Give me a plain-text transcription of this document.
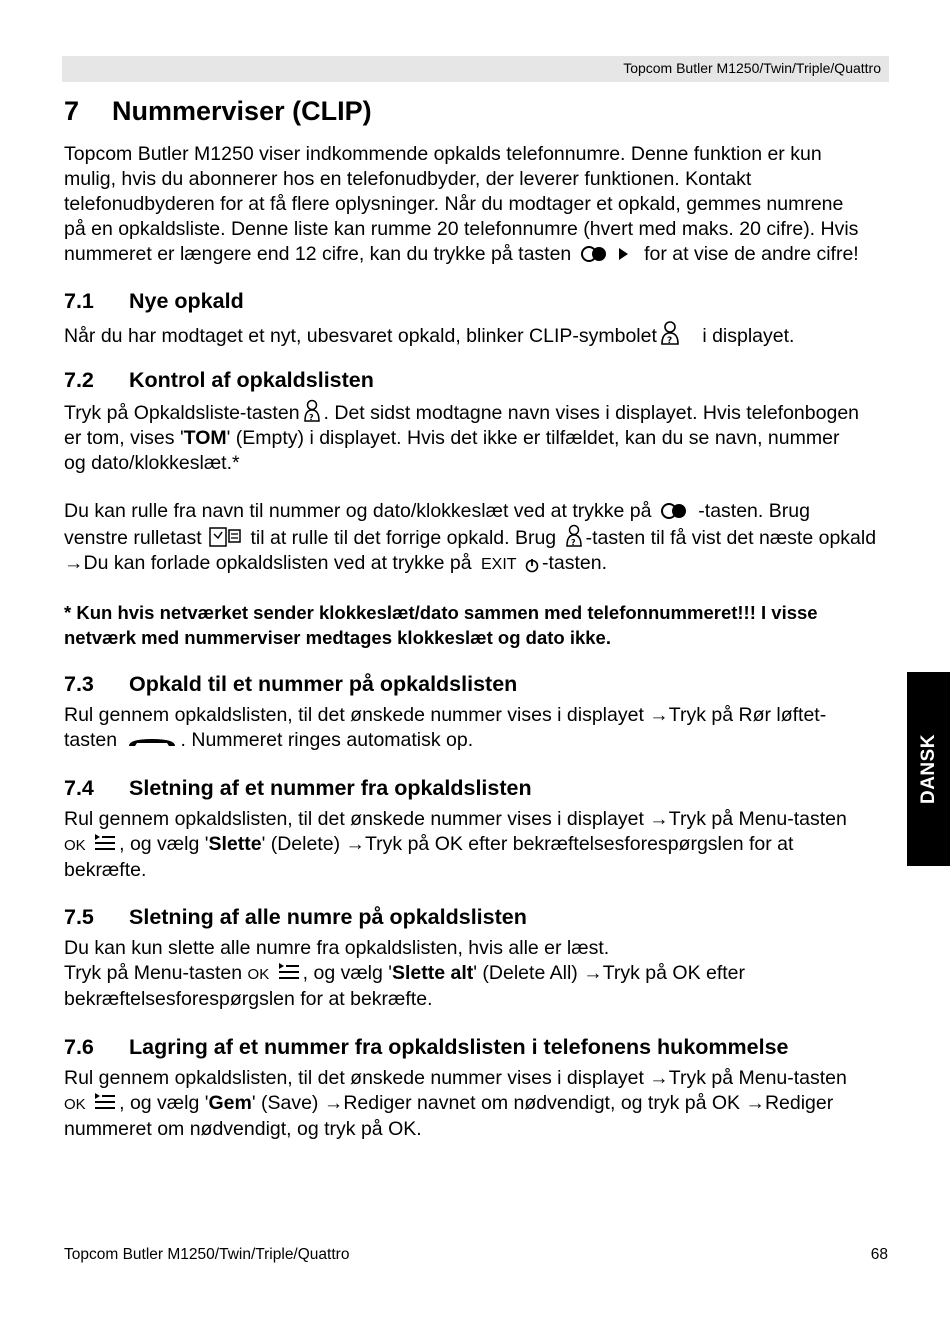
Topcom Butler M1250/Twin/Triple/Quattro
7 Nummerviser (CLIP)
Topcom Butler M1250 viser indkommende opkalds telefonnumre. Denne funktion er kun
mulig, hvis du abonnerer hos en telefonudbyder, der leverer funktionen. Kontakt
telefonudbyderen for at få flere oplysninger. Når du modtager et opkald, gemmes numrene
på en opkaldsliste. Denne liste kan rumme 20 telefonnumre (hvert med maks. 20 cifre). Hvis
nummeret er længere end 12 cifre, kan du trykke på tasten	for at vise de andre cifre!
7.1 Nye opkald
Når du har modtaget et nyt, ubesvaret opkald, blinker CLIP-symbolet ? i displayet.
7.2 Kontrol af opkaldslisten
Tryk på Opkaldsliste-tasten ? . Det sidst modtagne navn vises i displayet. Hvis telefonbogen
er tom, vises 'TOM' (Empty) i displayet. Hvis det ikke er tilfældet, kan du se navn, nummer
og dato/klokkeslæt.*
Du kan rulle fra navn til nummer og dato/klokkeslæt ved at trykke på -tasten. Brug
venstre rulletast	til at rulle til det forrige opkald. Brug ? -tasten til få vist det næste opkald
→Du kan forlade opkaldslisten ved at trykke på EXIT -tasten.
* Kun hvis netværket sender klokkeslæt/dato sammen med telefonnummeret!!! I visse
netværk med nummerviser medtages klokkeslæt og dato ikke.
7.3 Opkald til et nummer på opkaldslisten
Rul gennem opkaldslisten, til det ønskede nummer vises i displayet →Tryk på Rør løftet-
tasten	. Nummeret ringes automatisk op.
7.4 Sletning af et nummer fra opkaldslisten
Rul gennem opkaldslisten, til det ønskede nummer vises i displayet →Tryk på Menu-tasten
OK , og vælg 'Slette' (Delete) →Tryk på OK efter bekræftelsesforespørgslen for at
bekræfte.
7.5 Sletning af alle numre på opkaldslisten
Du kan kun slette alle numre fra opkaldslisten, hvis alle er læst.
Tryk på Menu-tasten OK , og vælg 'Slette alt' (Delete All) →Tryk på OK efter
bekræftelsesforespørgslen for at bekræfte.
7.6 Lagring af et nummer fra opkaldslisten i telefonens hukommelse
Rul gennem opkaldslisten, til det ønskede nummer vises i displayet →Tryk på Menu-tasten
OK , og vælg 'Gem' (Save) →Rediger navnet om nødvendigt, og tryk på OK →Rediger
nummeret om nødvendigt, og tryk på OK.
DANSK
Topcom Butler M1250/Twin/Triple/Quattro	68
